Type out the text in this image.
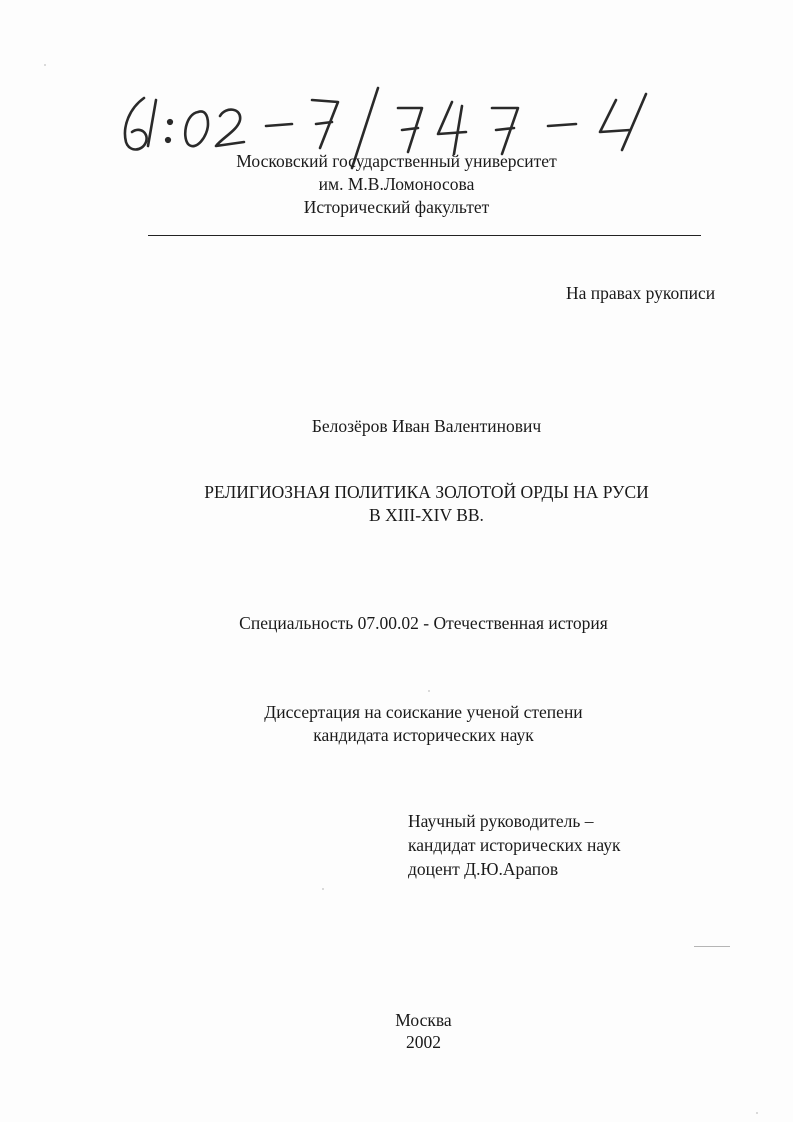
Московский государственный университет
им. М.В.Ломоносова
Исторический факультет
На правах рукописи
Белозёров Иван Валентинович
РЕЛИГИОЗНАЯ ПОЛИТИКА ЗОЛОТОЙ ОРДЫ НА РУСИ
В XIII-XIV ВВ.
Специальность 07.00.02 - Отечественная история
Диссертация на соискание ученой степени
кандидата исторических наук
Научный руководитель –
кандидат исторических наук
доцент Д.Ю.Арапов
Москва
2002
